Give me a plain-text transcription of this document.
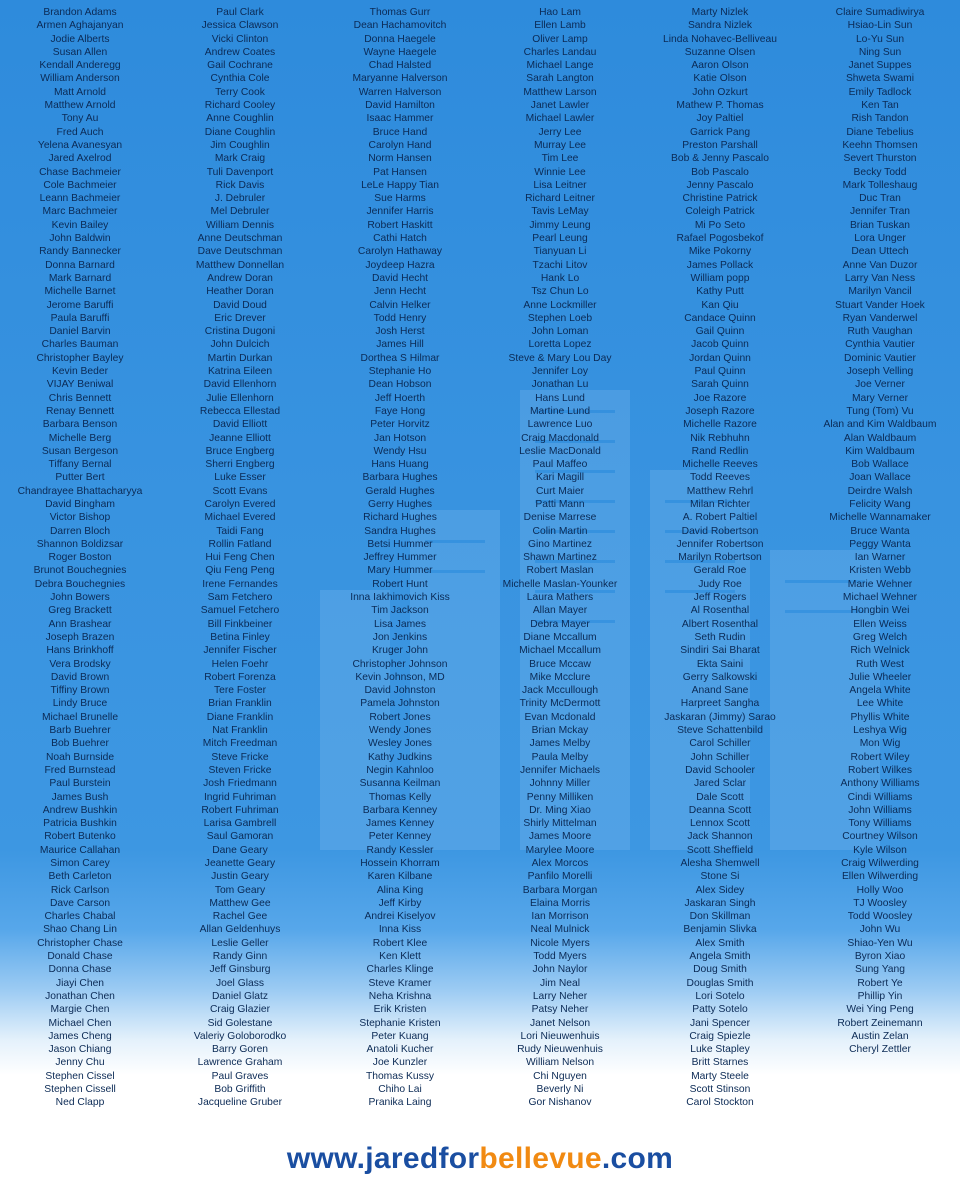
Brandon Adams
Armen Aghajanyan
Jodie Alberts
Susan Allen
Kendall Anderegg
William Anderson
Matt Arnold
Matthew Arnold
Tony Au
Fred Auch
Yelena Avanesyan
Jared Axelrod
Chase Bachmeier
Cole Bachmeier
Leann Bachmeier
Marc Bachmeier
Kevin Bailey
John Baldwin
Randy Bannecker
Donna Barnard
Mark Barnard
Michelle Barnet
Jerome Baruffi
Paula Baruffi
Daniel Barvin
Charles Bauman
Christopher Bayley
Kevin Beder
VIJAY Beniwal
Chris Bennett
Renay Bennett
Barbara Benson
Michelle Berg
Susan Bergeson
Tiffany Bernal
Putter Bert
Chandrayee Bhattacharyya
David Bingham
Victor Bishop
Darren Bloch
Shannon Boldizsar
Roger Boston
Brunot Bouchegnies
Debra Bouchegnies
John Bowers
Greg Brackett
Ann Brashear
Joseph Brazen
Hans Brinkhoff
Vera Brodsky
David Brown
Tiffiny Brown
Lindy Bruce
Michael Brunelle
Barb Buehrer
Bob Buehrer
Noah Burnside
Fred Burnstead
Paul Burstein
James Bush
Andrew Bushkin
Patricia Bushkin
Robert Butenko
Maurice Callahan
Simon Carey
Beth Carleton
Rick Carlson
Dave Carson
Charles Chabal
Shao Chang Lin
Christopher Chase
Donald Chase
Donna Chase
Jiayi Chen
Jonathan Chen
Margie Chen
Michael Chen
James Cheng
Jason Chiang
Jenny Chu
Stephen Cissel
Stephen Cissell
Ned Clapp
Paul Clark
Jessica Clawson
Vicki Clinton
Andrew Coates
Gail Cochrane
Cynthia Cole
Terry Cook
Richard Cooley
Anne Coughlin
Diane Coughlin
Jim Coughlin
Mark Craig
Tuli Davenport
Rick Davis
J. Debruler
Mel Debruler
William Dennis
Anne Deutschman
Dave Deutschman
Matthew Donnellan
Andrew Doran
Heather Doran
David Doud
Eric Drever
Cristina Dugoni
John Dulcich
Martin Durkan
Katrina Eileen
David Ellenhorn
Julie Ellenhorn
Rebecca Ellestad
David Elliott
Jeanne Elliott
Bruce Engberg
Sherri Engberg
Luke Esser
Scott Evans
Carolyn Evered
Michael Evered
Taidi Fang
Rollin Fatland
Hui Feng Chen
Qiu Feng Peng
Irene Fernandes
Sam Fetchero
Samuel Fetchero
Bill Finkbeiner
Betina Finley
Jennifer Fischer
Helen Foehr
Robert Forenza
Tere Foster
Brian Franklin
Diane Franklin
Nat Franklin
Mitch Freedman
Steve Fricke
Steven Fricke
Josh Friedmann
Ingrid Fuhriman
Robert Fuhriman
Larisa Gambrell
Saul Gamoran
Dane Geary
Jeanette Geary
Justin Geary
Tom Geary
Matthew Gee
Rachel Gee
Allan Geldenhuys
Leslie Geller
Randy Ginn
Jeff Ginsburg
Joel Glass
Daniel Glatz
Craig Glazier
Sid Golestane
Valeriy Goloborodko
Barry Goren
Lawrence Graham
Paul Graves
Bob Griffith
Jacqueline Gruber
Thomas Gurr
Dean Hachamovitch
Donna Haegele
Wayne Haegele
Chad Halsted
Maryanne Halverson
Warren Halverson
David Hamilton
Isaac Hammer
Bruce Hand
Carolyn Hand
Norm Hansen
Pat Hansen
LeLe Happy Tian
Sue Harms
Jennifer Harris
Robert Haskitt
Cathi Hatch
Carolyn Hathaway
Joydeep Hazra
David Hecht
Jenn Hecht
Calvin Helker
Todd Henry
Josh Herst
James Hill
Dorthea S Hilmar
Stephanie Ho
Dean Hobson
Jeff Hoerth
Faye Hong
Peter Horvitz
Jan Hotson
Wendy Hsu
Hans Huang
Barbara Hughes
Gerald Hughes
Gerry Hughes
Richard Hughes
Sandra Hughes
Betsi Hummer
Jeffrey Hummer
Mary Hummer
Robert Hunt
Inna Iakhimovich Kiss
Tim Jackson
Lisa James
Jon Jenkins
Kruger John
Christopher Johnson
Kevin Johnson, MD
David Johnston
Pamela Johnston
Robert Jones
Wendy Jones
Wesley Jones
Kathy Judkins
Negin Kahnloo
Susanna Keilman
Thomas Kelly
Barbara Kenney
James Kenney
Peter Kenney
Randy Kessler
Hossein Khorram
Karen Kilbane
Alina King
Jeff Kirby
Andrei Kiselyov
Inna Kiss
Robert Klee
Ken Klett
Charles Klinge
Steve Kramer
Neha Krishna
Erik Kristen
Stephanie Kristen
Peter Kuang
Anatoli Kucher
Joe Kunzler
Thomas Kussy
Chiho Lai
Pranika Laing
Hao Lam
Ellen Lamb
Oliver Lamp
Charles Landau
Michael Lange
Sarah Langton
Matthew Larson
Janet Lawler
Michael Lawler
Jerry Lee
Murray Lee
Tim Lee
Winnie Lee
Lisa Leitner
Richard Leitner
Tavis LeMay
Jimmy Leung
Pearl Leung
Tianyuan Li
Tzachi Litov
Hank Lo
Tsz Chun Lo
Anne Lockmiller
Stephen Loeb
John Loman
Loretta Lopez
Steve & Mary Lou Day
Jennifer Loy
Jonathan Lu
Hans Lund
Martine Lund
Lawrence Luo
Craig Macdonald
Leslie MacDonald
Paul Maffeo
Kari Magill
Curt Maier
Patti Mann
Denise Marrese
Colin Martin
Gino Martinez
Shawn Martinez
Robert Maslan
Michelle Maslan-Younker
Laura Mathers
Allan Mayer
Debra Mayer
Diane Mccallum
Michael Mccallum
Bruce Mccaw
Mike Mcclure
Jack Mccullough
Trinity McDermott
Evan Mcdonald
Brian Mckay
James Melby
Paula Melby
Jennifer Michaels
Johnny Miller
Penny Milliken
Dr. Ming Xiao
Shirly Mittelman
James Moore
Marylee Moore
Alex Morcos
Panfilo Morelli
Barbara Morgan
Elaina Morris
Ian Morrison
Neal Mulnick
Nicole Myers
Todd Myers
John Naylor
Jim Neal
Larry Neher
Patsy Neher
Janet Nelson
Lori Nieuwenhuis
Rudy Nieuwenhuis
William Nelson
Chi Nguyen
Beverly Ni
Gor Nishanov
Marty Nizlek
Sandra Nizlek
Linda Nohavec-Belliveau
Suzanne Olsen
Aaron Olson
Katie Olson
John Ozkurt
Mathew P. Thomas
Joy Paltiel
Garrick Pang
Preston Parshall
Bob & Jenny Pascalo
Bob Pascalo
Jenny Pascalo
Christine Patrick
Coleigh Patrick
Mi Po Seto
Rafael Pogosbekof
Mike Pokorny
James Pollack
William popp
Kathy Putt
Kan Qiu
Candace Quinn
Gail Quinn
Jacob Quinn
Jordan Quinn
Paul Quinn
Sarah Quinn
Joe Razore
Joseph Razore
Michelle Razore
Nik Rebhuhn
Rand Redlin
Michelle Reeves
Todd Reeves
Matthew Rehrl
Milan Richter
A. Robert Paltiel
David Robertson
Jennifer Robertson
Marilyn Robertson
Gerald Roe
Judy Roe
Jeff Rogers
Al Rosenthal
Albert Rosenthal
Seth Rudin
Sindiri Sai Bharat
Ekta Saini
Gerry Salkowski
Anand Sane
Harpreet Sangha
Jaskaran (Jimmy) Sarao
Steve Schattenbild
Carol Schiller
John Schiller
David Schooler
Jared Sclar
Dale Scott
Deanna Scott
Lennox Scott
Jack Shannon
Scott Sheffield
Alesha Shemwell
Stone Si
Alex Sidey
Jaskaran Singh
Don Skillman
Benjamin Slivka
Alex Smith
Angela Smith
Doug Smith
Douglas Smith
Lori Sotelo
Patty Sotelo
Jani Spencer
Craig Spiezle
Luke Stapley
Britt Starnes
Marty Steele
Scott Stinson
Carol Stockton
Claire Sumadiwirya
Hsiao-Lin Sun
Lo-Yu Sun
Ning Sun
Janet Suppes
Shweta Swami
Emily Tadlock
Ken Tan
Rish Tandon
Diane Tebelius
Keehn Thomsen
Severt Thurston
Becky Todd
Mark Tolleshaug
Duc Tran
Jennifer Tran
Brian Tuskan
Lora Unger
Dean Uttech
Anne Van Duzor
Larry Van Ness
Marilyn Vancil
Stuart Vander Hoek
Ryan Vanderwel
Ruth Vaughan
Cynthia Vautier
Dominic Vautier
Joseph Velling
Joe Verner
Mary Verner
Tung (Tom) Vu
Alan and Kim Waldbaum
Alan Waldbaum
Kim Waldbaum
Bob Wallace
Joan Wallace
Deirdre Walsh
Felicity Wang
Michelle Wannamaker
Bruce Wanta
Peggy Wanta
Ian Warner
Kristen Webb
Marie Wehner
Michael Wehner
Hongbin Wei
Ellen Weiss
Greg Welch
Rich Welnick
Ruth West
Julie Wheeler
Angela White
Lee White
Phyllis White
Leshya Wig
Mon Wig
Robert Wiley
Robert Wilkes
Anthony Williams
Cindi Williams
John Williams
Tony Williams
Courtney Wilson
Kyle Wilson
Craig Wilwerding
Ellen Wilwerding
Holly Woo
TJ Woosley
Todd Woosley
John Wu
Shiao-Yen Wu
Byron Xiao
Sung Yang
Robert Ye
Phillip Yin
Wei Ying Peng
Robert Zeinemann
Austin Zelan
Cheryl Zettler
www.jaredforbellevue.com
